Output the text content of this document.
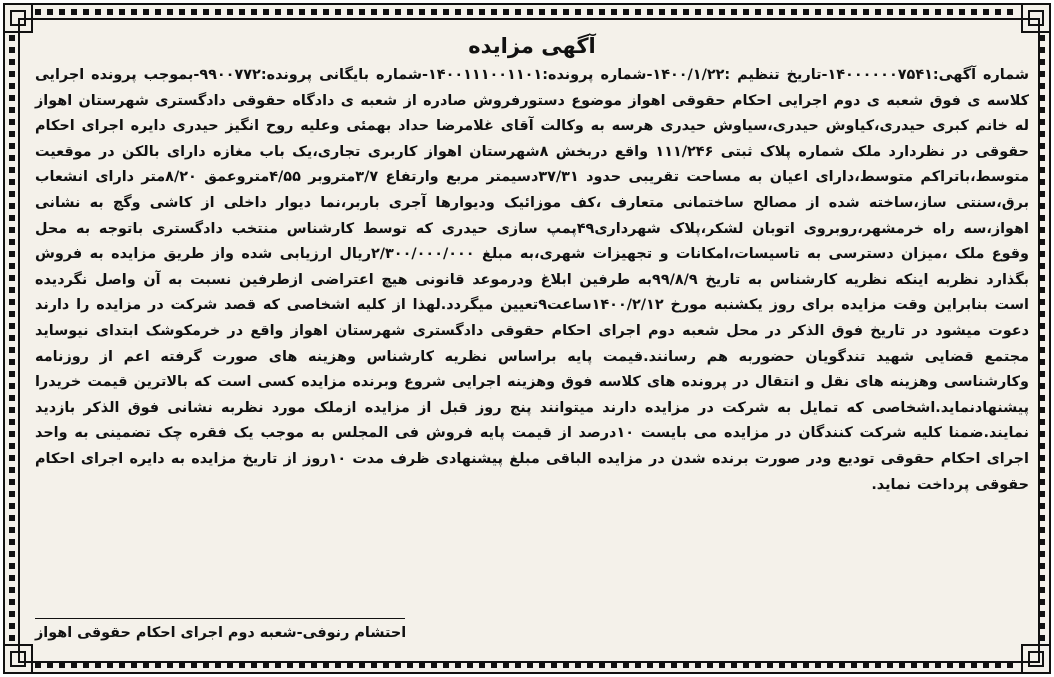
آگهی مزایده

شماره آگهی:۱۴۰۰۰۰۰۰۷۵۴۱-تاریخ تنظیم :۱۴۰۰/۱/۲۲-شماره پرونده:۱۴۰۰۱۱۱۰۰۱۱۰۱-شماره بایگانی پرونده:۹۹۰۰۷۷۲-بموجب پرونده اجرایی کلاسه ی فوق شعبه ی دوم اجرایی احکام حقوقی اهواز موضوع دستورفروش صادره از شعبه ی دادگاه حقوقی دادگستری شهرستان اهواز له خانم کبری حیدری،کیاوش حیدری،سیاوش حیدری هرسه به وکالت آقای غلامرضا حداد بهمئی وعلیه روح انگیز حیدری دایره اجرای احکام حقوقی در نظردارد ملک شماره پلاک ثبتی ۱۱۱/۲۴۶ واقع دربخش ۸شهرستان اهواز کاربری تجاری،یک باب مغازه دارای بالکن در موقعیت متوسط،باتراکم متوسط،دارای اعیان به مساحت تقریبی حدود ۳۷/۳۱دسیمتر مربع وارتفاع ۳/۷متروبر ۴/۵۵متروعمق ۸/۲۰متر دارای انشعاب برق،سنتی ساز،ساخته شده از مصالح ساختمانی متعارف ،کف موزائیک وديوارها آجری باربر،نما دیوار داخلی از کاشی وگچ به نشانی اهواز،سه راه خرمشهر،روبروی اتوبان لشکر،پلاک شهرداری۴۹پمپ سازی حیدری که توسط کارشناس منتخب دادگستری باتوجه به محل وقوع ملک ،میزان دسترسی به تاسیسات،امکانات و تجهیزات شهری،به مبلغ ۲/۳۰۰/۰۰۰/۰۰۰ریال ارزیابی شده واز طریق مزایده به فروش بگذارد نظربه اینکه نظریه کارشناس به تاریخ ۹۹/۸/۹به طرفین ابلاغ ودرموعد قانونی هیچ اعتراضی ازطرفین نسبت به آن واصل نگردیده است بنابراین وقت مزایده برای روز یکشنبه مورخ ۱۴۰۰/۲/۱۲ساعت۹تعیین میگردد.لهذا از کلیه اشخاصی که قصد شرکت در مزایده را دارند دعوت میشود در تاریخ فوق الذکر در محل شعبه دوم اجرای احکام حقوقی دادگستری شهرستان اهواز واقع در خرمکوشک ابتدای نیوساید مجتمع قضایی شهید تندگویان حضوربه هم رسانند.قیمت پایه براساس نظریه کارشناس وهزینه های صورت گرفته اعم از روزنامه وکارشناسی وهزینه های نقل و انتقال در پرونده های کلاسه فوق وهزینه اجرایی شروع وبرنده مزایده کسی است که بالاترین قیمت خریدرا پیشنهادنماید.اشخاصی که تمایل به شرکت در مزایده دارند میتوانند پنج روز قبل از مزایده ازملک مورد نظربه نشانی فوق الذکر بازدید نمایند.ضمنا کلیه شرکت کنندگان در مزایده می بایست ۱۰درصد از قیمت پایه فروش فی المجلس به موجب یک فقره چک تضمینی به واحد اجرای احکام حقوقی تودیع ودر صورت برنده شدن در مزایده الباقی مبلغ پیشنهادی ظرف مدت ۱۰روز از تاریخ مزایده به دایره اجرای احکام حقوقی پرداخت نماید.

احتشام رنوفی-شعبه دوم اجرای احکام حقوقی اهواز
